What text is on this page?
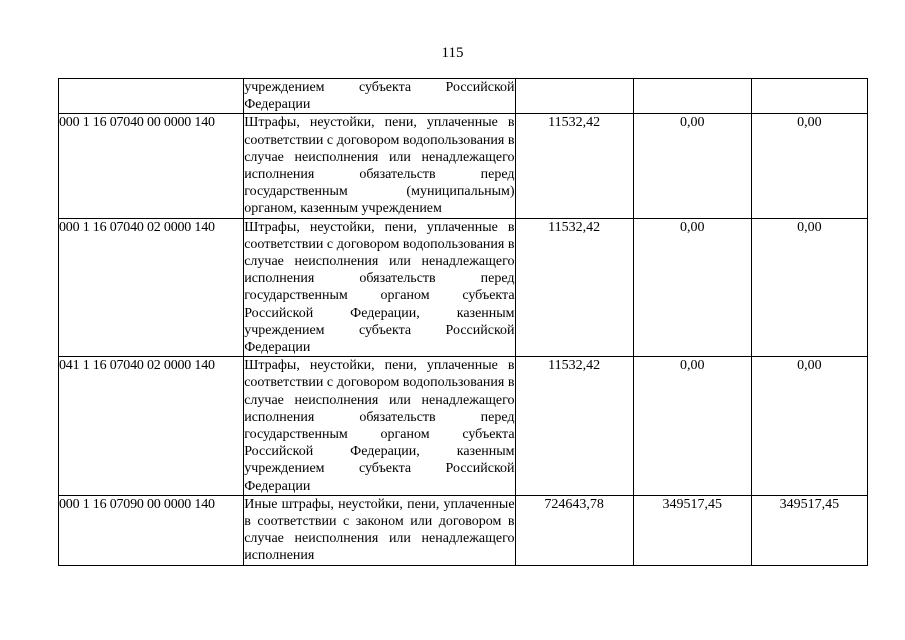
115
	учреждением субъекта Российской Федерации			
000 1 16 07040 00 0000 140	Штрафы, неустойки, пени, уплаченные в соответствии с договором водопользования в случае неисполнения или ненадлежащего исполнения обязательств перед государственным (муниципальным) органом, казенным учреждением	11532,42	0,00	0,00
000 1 16 07040 02 0000 140	Штрафы, неустойки, пени, уплаченные в соответствии с договором водопользования в случае неисполнения или ненадлежащего исполнения обязательств перед государственным органом субъекта Российской Федерации, казенным учреждением субъекта Российской Федерации	11532,42	0,00	0,00
041 1 16 07040 02 0000 140	Штрафы, неустойки, пени, уплаченные в соответствии с договором водопользования в случае неисполнения или ненадлежащего исполнения обязательств перед государственным органом субъекта Российской Федерации, казенным учреждением субъекта Российской Федерации	11532,42	0,00	0,00
000 1 16 07090 00 0000 140	Иные штрафы, неустойки, пени, уплаченные в соответствии с законом или договором в случае неисполнения или ненадлежащего исполнения	724643,78	349517,45	349517,45
